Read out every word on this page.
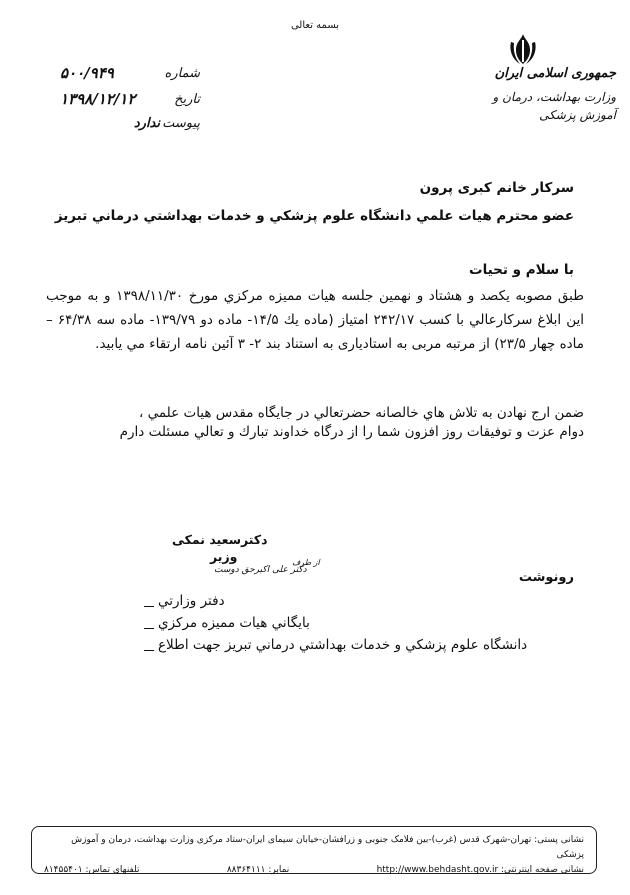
بسمه تعالی
جمهوری اسلامی ایران
وزارت بهداشت، درمان و آموزش پزشکی
شماره
۵۰۰/۹۴۹
تاریخ
۱۳۹۸/۱۲/۱۲
پیوست
ندارد
سركار خانم كبرى پرون
عضو محترم هيات علمي دانشگاه علوم پزشكي و خدمات بهداشتي درماني تبريز
با سلام و تحيات

طبق مصوبه يكصد و هشتاد و نهمين جلسه هيات مميزه مركزي مورخ ۱۳۹۸/۱۱/۳۰ و به موجب اين ابلاغ سركارعالي با كسب ۲۴۲/۱۷ امتياز (ماده يك ۱۴/۵- ماده دو ۱۳۹/۷۹- ماده سه ۶۴/۳۸ – ماده چهار ۲۳/۵) از مرتبه مربی به استاديارى به استناد بند ۲- ۳ آئين نامه ارتقاء مي يابيد.

ضمن ارج نهادن به تلاش هاي خالصانه حضرتعالي در جايگاه مقدس هيات علمي ،

دوام عزت و توفيقات روز افزون شما را از درگاه خداوند تبارك و تعالي مسئلت دارم

دكترسعيد نمكى
وزير	از طرف
دکتر علی اکبرحق دوست	رونوشت
دفتر وزارتي
بايگاني هيات مميزه مركزي
دانشگاه علوم پزشكي و خدمات بهداشتي درماني تبريز جهت اطلاع
نشانی پستی: تهران-شهرک قدس (غرب)-بین فلامک جنوبی و زرافشان-خیابان سیمای ایران-ستاد مرکزی وزارت بهداشت، درمان و آموزش پزشکی
تلفنهای تماس: ۸۱۴۵۵۴۰۱	نمابر: ۸۸۳۶۴۱۱۱	نشانی صفحه اینترنتی: http://www.behdasht.gov.ir
